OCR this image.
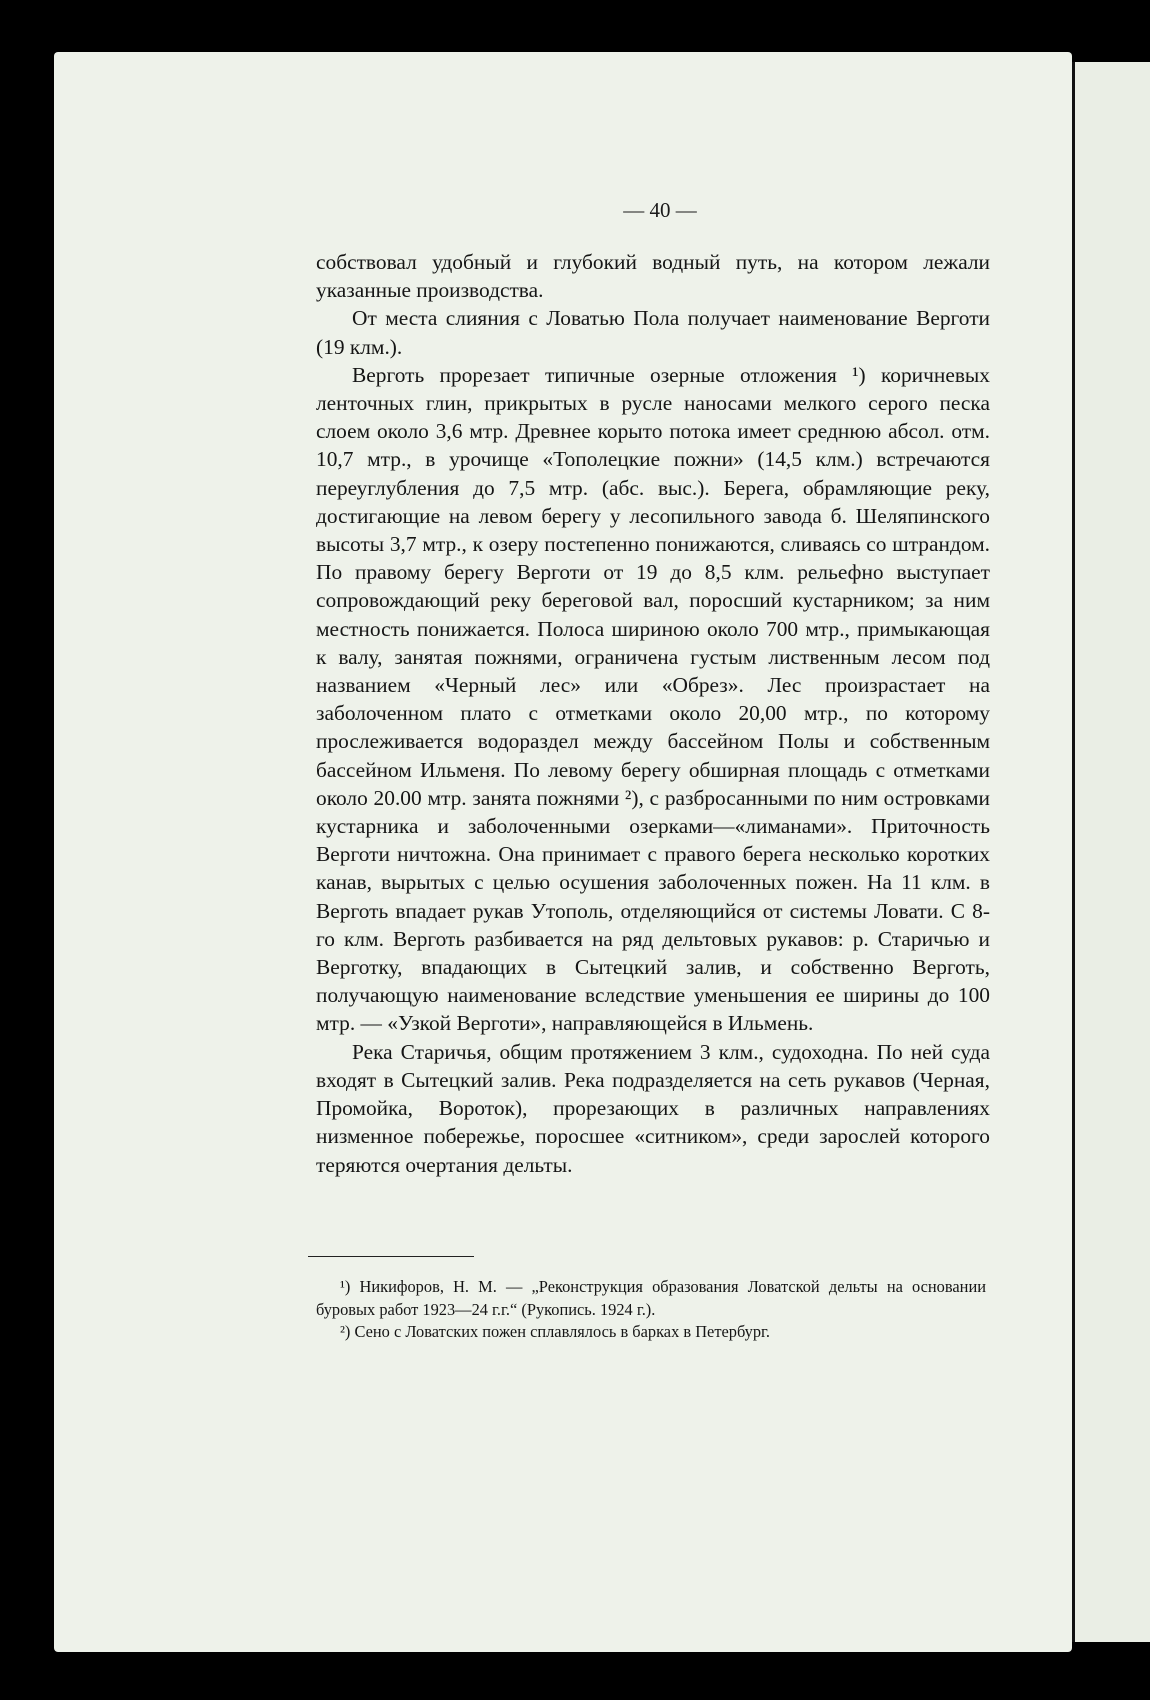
— 40 —

собствовал удобный и глубокий водный путь, на котором лежали указанные производства.

От места слияния с Ловатью Пола получает наименование Верготи (19 клм.).

Верготь прорезает типичные озерные отложения ¹) коричневых ленточных глин, прикрытых в русле наносами мелкого серого песка слоем около 3,6 мтр. Древнее корыто потока имеет среднюю абсол. отм. 10,7 мтр., в урочище «Тополецкие пожни» (14,5 клм.) встречаются переуглубления до 7,5 мтр. (абс. выс.). Берега, обрамляющие реку, достигающие на левом берегу у лесопильного завода б. Шеляпинского высоты 3,7 мтр., к озеру постепенно понижаются, сливаясь со штрандом. По правому берегу Верготи от 19 до 8,5 клм. рельефно выступает сопровождающий реку береговой вал, поросший кустарником; за ним местность понижается. Полоса шириною около 700 мтр., примыкающая к валу, занятая пожнями, ограничена густым лиственным лесом под названием «Черный лес» или «Обрез». Лес произрастает на заболоченном плато с отметками около 20,00 мтр., по которому прослеживается водораздел между бассейном Полы и собственным бассейном Ильменя. По левому берегу обширная площадь с отметками около 20.00 мтр. занята пожнями ²), с разбросанными по ним островками кустарника и заболоченными озерками—«лиманами». Приточность Верготи ничтожна. Она принимает с правого берега несколько коротких канав, вырытых с целью осушения заболоченных пожен. На 11 клм. в Верготь впадает рукав Утополь, отделяющийся от системы Ловати. С 8-го клм. Верготь разбивается на ряд дельтовых рукавов: р. Старичью и Верготку, впадающих в Сытецкий залив, и собственно Верготь, получающую наименование вследствие уменьшения ее ширины до 100 мтр. — «Узкой Верготи», направляющейся в Ильмень.

Река Старичья, общим протяжением 3 клм., судоходна. По ней суда входят в Сытецкий залив. Река подразделяется на сеть рукавов (Черная, Промойка, Вороток), прорезающих в различных направлениях низменное побережье, поросшее «ситником», среди зарослей которого теряются очертания дельты.

¹) Никифоров, Н. М. — „Реконструкция образования Ловатской дельты на основании буровых работ 1923—24 г.г.“ (Рукопись. 1924 г.).

²) Сено с Ловатских пожен сплавлялось в барках в Петербург.
